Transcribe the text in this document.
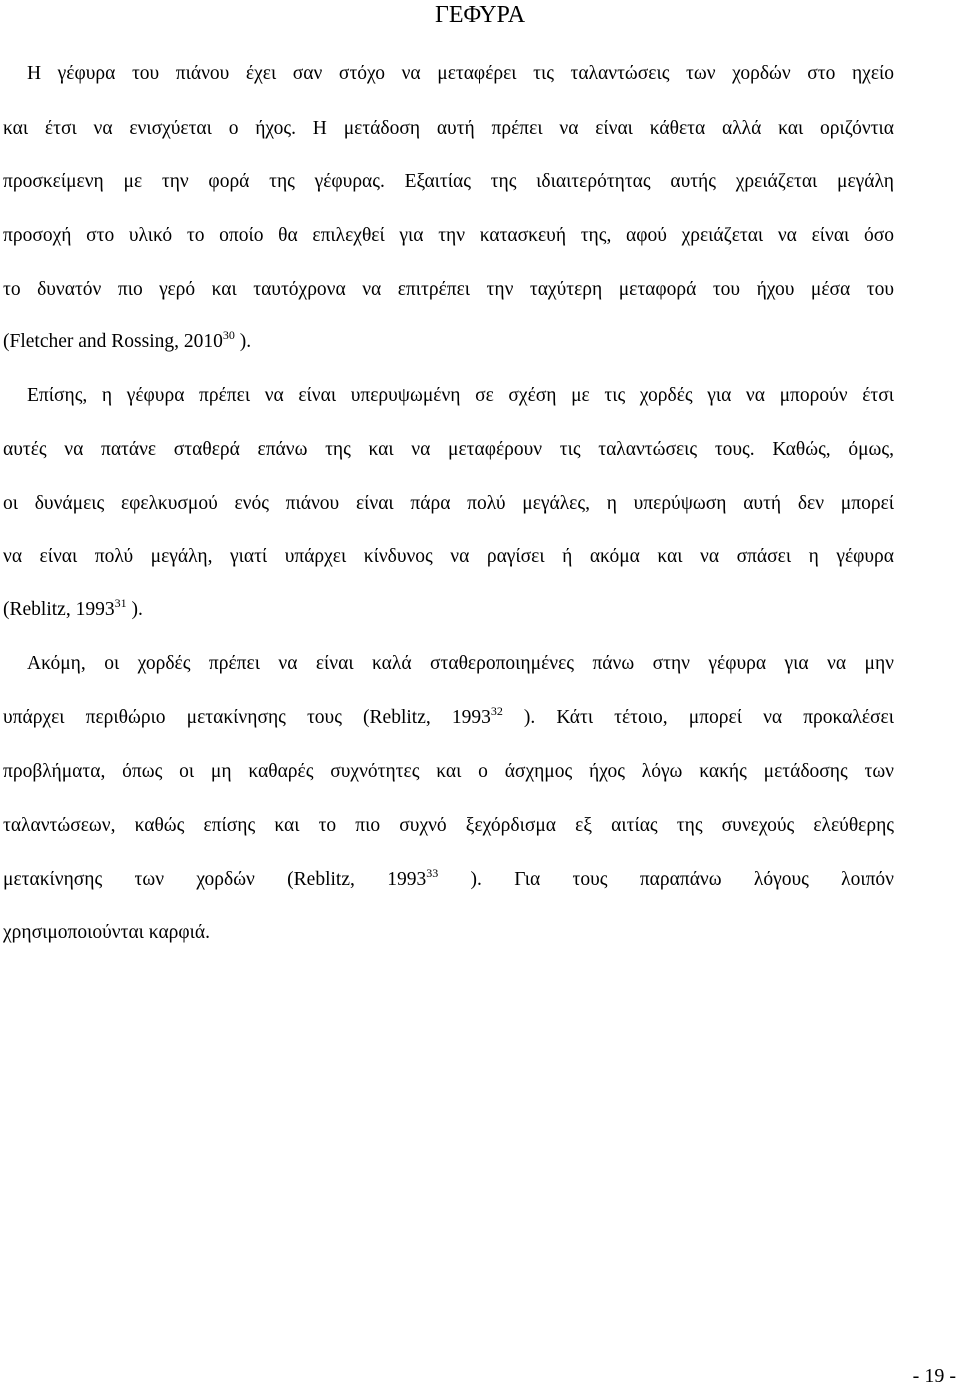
ΓΕΦΥΡΑ

Η γέφυρα του πιάνου έχει σαν στόχο να μεταφέρει τις ταλαντώσεις των χορδών στο ηχείο

και έτσι να ενισχύεται ο ήχος. Η μετάδοση αυτή πρέπει να είναι κάθετα αλλά και οριζόντια

προσκείμενη με την φορά της γέφυρας. Εξαιτίας της ιδιαιτερότητας αυτής χρειάζεται μεγάλη

προσοχή στο υλικό το οποίο θα επιλεχθεί για την κατασκευή της, αφού χρειάζεται να είναι όσο

το δυνατόν πιο γερό και ταυτόχρονα να επιτρέπει την ταχύτερη μεταφορά του ήχου μέσα του

(Fletcher and Rossing, 2010$^{30}$ ).

Επίσης, η γέφυρα πρέπει να είναι υπερυψωμένη σε σχέση με τις χορδές για να μπορούν έτσι

αυτές να πατάνε σταθερά επάνω της και να μεταφέρουν τις ταλαντώσεις τους. Καθώς, όμως,

οι δυνάμεις εφελκυσμού ενός πιάνου είναι πάρα πολύ μεγάλες, η υπερύψωση αυτή δεν μπορεί

να είναι πολύ μεγάλη, γιατί υπάρχει κίνδυνος να ραγίσει ή ακόμα και να σπάσει η γέφυρα

(Reblitz, 1993$^{31}$ ).

Ακόμη, οι χορδές πρέπει να είναι καλά σταθεροποιημένες πάνω στην γέφυρα για να μην

υπάρχει περιθώριο μετακίνησης τους (Reblitz, 1993$^{32}$ ). Κάτι τέτοιο, μπορεί να προκαλέσει

προβλήματα, όπως οι μη καθαρές συχνότητες και ο άσχημος ήχος λόγω κακής μετάδοσης των

ταλαντώσεων, καθώς επίσης και το πιο συχνό ξεχόρδισμα εξ αιτίας της συνεχούς ελεύθερης

μετακίνησης των χορδών (Reblitz, 1993$^{33}$ ). Για τους παραπάνω λόγους λοιπόν

χρησιμοποιούνται καρφιά.

- 19 -
